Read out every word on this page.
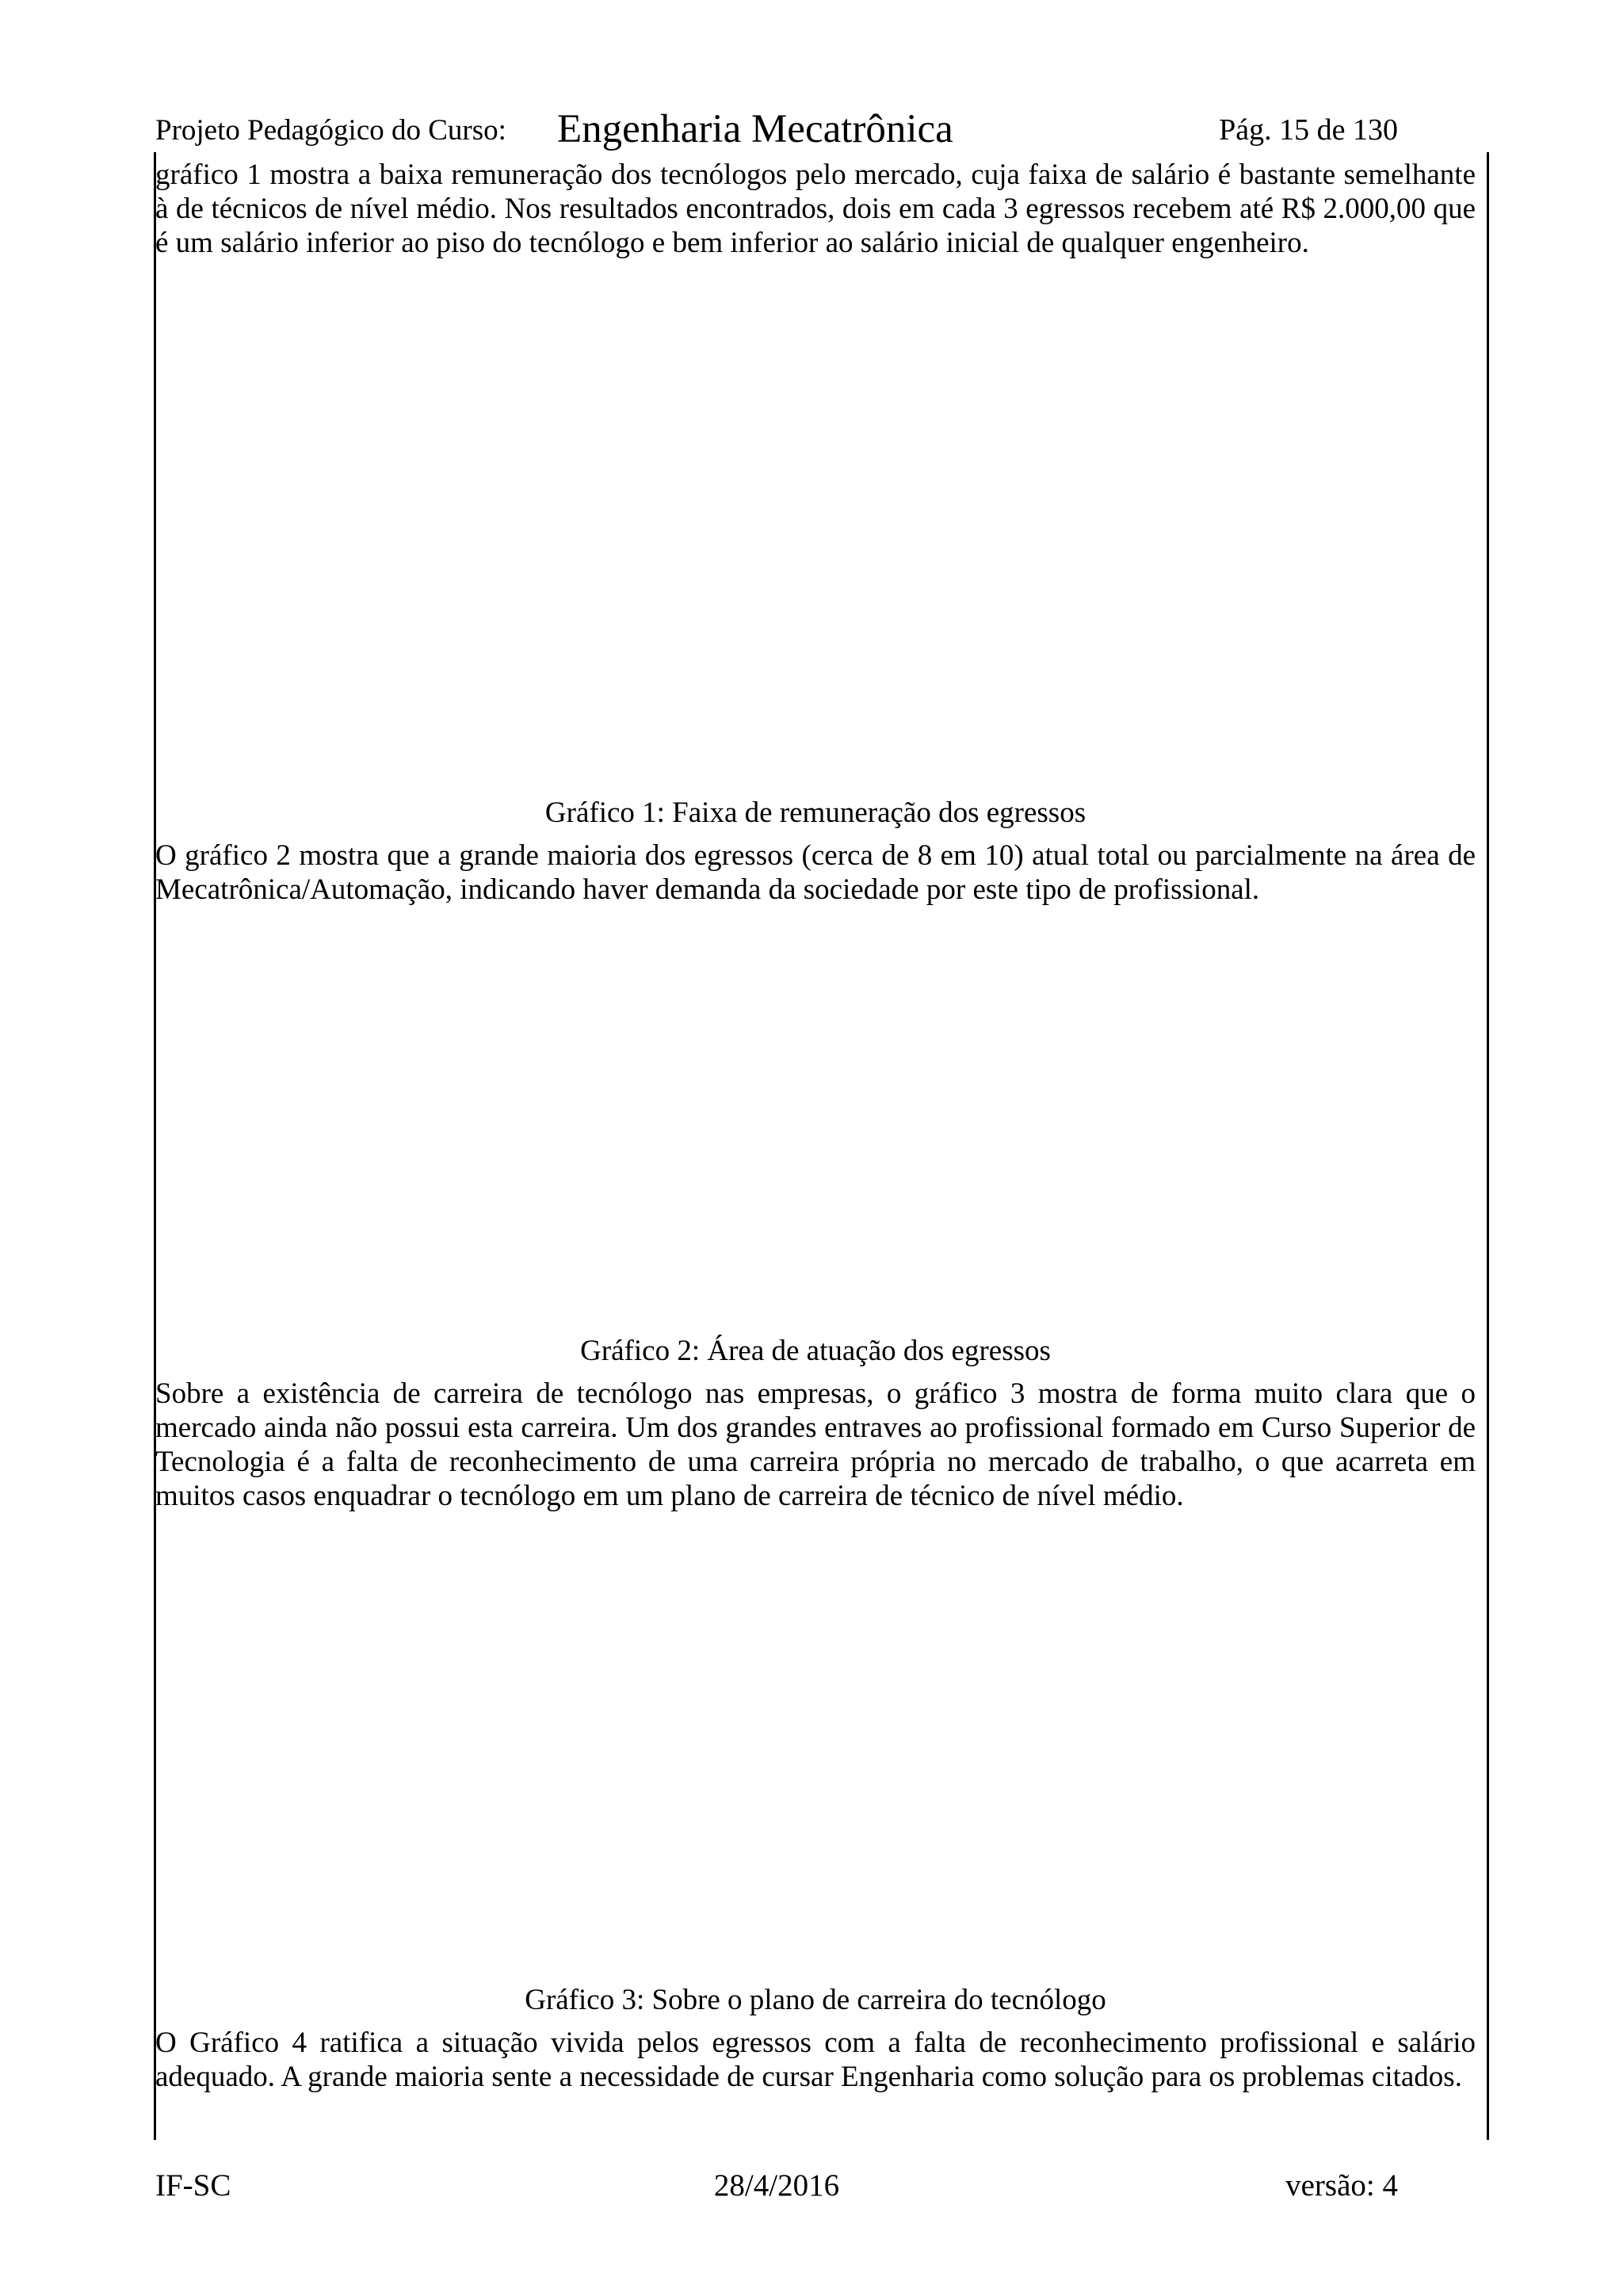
Projeto Pedagógico do Curso: Engenharia Mecatrônica	Pág. 15 de 130

gráfico 1 mostra a baixa remuneração dos tecnólogos pelo mercado, cuja faixa de salário é bastante semelhante à de técnicos de nível médio. Nos resultados encontrados, dois em cada 3 egressos recebem até R$ 2.000,00 que é um salário inferior ao piso do tecnólogo e bem inferior ao salário inicial de qualquer engenheiro.

Qual a faixa da sua remuneração?
(resposta em %)
0,00
10,00
20,00
30,00
40,00
50,00
60,00
70,00
(0 - 2) mil
reais
(2 - 4) mil
reais
(4 - 6) mil
reais
(6 - 8) mil
reais
(>8) mil
reais

Gráfico 1: Faixa de remuneração dos egressos

O gráfico 2 mostra que a grande maioria dos egressos (cerca de 8 em 10) atual total ou parcialmente na área de Mecatrônica/Automação, indicando haver demanda da sociedade por este tipo de profissional.

Você atua na área de formação (Mecatrônica)?
(Resposta em %)
0,00 10,00 20,00 30,00 40,00 50,00 60,00
parcialmente sim
não
sim

Gráfico 2: Área de atuação dos egressos

Sobre a existência de carreira de tecnólogo nas empresas, o gráfico 3 mostra de forma muito clara que o mercado ainda não possui esta carreira. Um dos grandes entraves ao profissional formado em Curso Superior de Tecnologia é a falta de reconhecimento de uma carreira própria no mercado de trabalho, o que acarreta em muitos casos enquadrar o tecnólogo em um plano de carreira de técnico de nível médio.

Há plano de carreira para Tecnológo na sua empresa?
(Resposta em %)
0,00 10,00 20,00 30,00 40,00 50,00
não tenho plano de carreira
outro
não, sigo outro plano (engenharia)
não, sigo outro plano (tecnico)
sim

Gráfico 3: Sobre o plano de carreira do tecnólogo

O Gráfico 4 ratifica a situação vivida pelos egressos com a falta de reconhecimento profissional e salário adequado. A grande maioria sente a necessidade de cursar Engenharia como solução para os problemas citados.

IF-SC	28/4/2016	versão: 4
